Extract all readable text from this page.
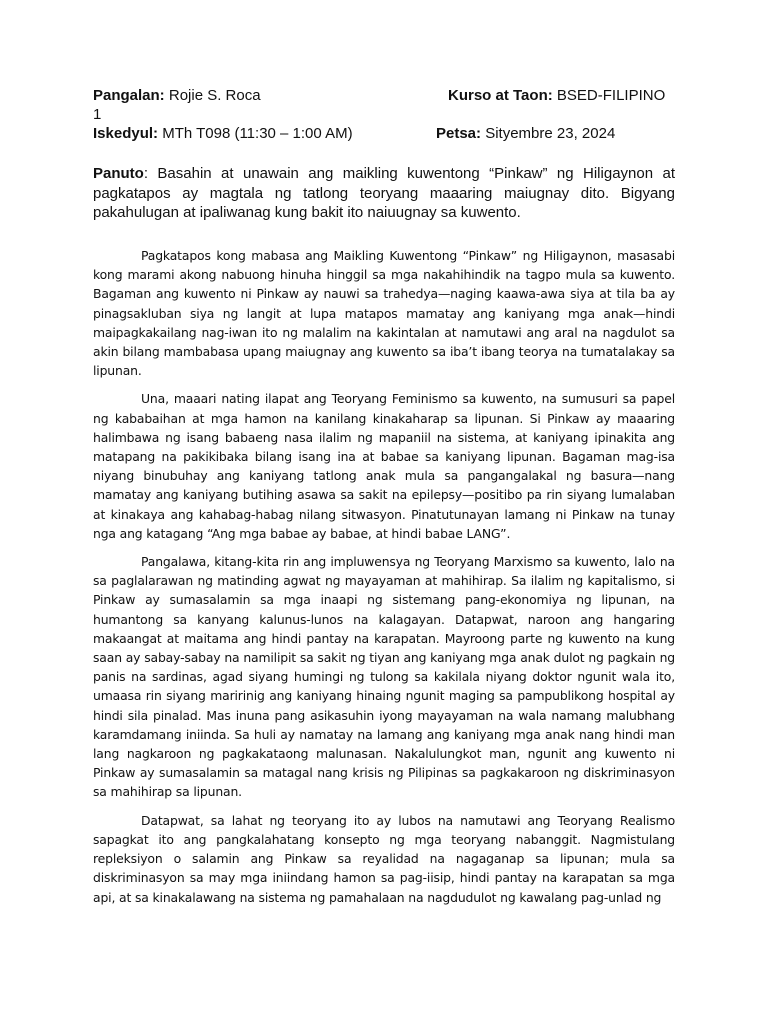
Pangalan: Rojie S. Roca	Kurso at Taon: BSED-FILIPINO
1
Iskedyul: MTh T098 (11:30 – 1:00 AM)	Petsa: Sityembre 23, 2024
Panuto: Basahin at unawain ang maikling kuwentong “Pinkaw” ng Hiligaynon at pagkatapos ay magtala ng tatlong teoryang maaaring maiugnay dito. Bigyang pakahulugan at ipaliwanag kung bakit ito naiuugnay sa kuwento.

Pagkatapos kong mabasa ang Maikling Kuwentong “Pinkaw” ng Hiligaynon, masasabi kong marami akong nabuong hinuha hinggil sa mga nakahihindik na tagpo mula sa kuwento. Bagaman ang kuwento ni Pinkaw ay nauwi sa trahedya—naging kaawa-awa siya at tila ba ay pinagsakluban siya ng langit at lupa matapos mamatay ang kaniyang mga anak—hindi maipagkakailang nag-iwan ito ng malalim na kakintalan at namutawi ang aral na nagdulot sa akin bilang mambabasa upang maiugnay ang kuwento sa iba’t ibang teorya na tumatalakay sa lipunan.

Una, maaari nating ilapat ang Teoryang Feminismo sa kuwento, na sumusuri sa papel ng kababaihan at mga hamon na kanilang kinakaharap sa lipunan. Si Pinkaw ay maaaring halimbawa ng isang babaeng nasa ilalim ng mapaniil na sistema, at kaniyang ipinakita ang matapang na pakikibaka bilang isang ina at babae sa kaniyang lipunan. Bagaman mag-isa niyang binubuhay ang kaniyang tatlong anak mula sa pangangalakal ng basura—nang mamatay ang kaniyang butihing asawa sa sakit na epilepsy—positibo pa rin siyang lumalaban at kinakaya ang kahabag-habag nilang sitwasyon. Pinatutunayan lamang ni Pinkaw na tunay nga ang katagang “Ang mga babae ay babae, at hindi babae LANG”.

Pangalawa, kitang-kita rin ang impluwensya ng Teoryang Marxismo sa kuwento, lalo na sa paglalarawan ng matinding agwat ng mayayaman at mahihirap. Sa ilalim ng kapitalismo, si Pinkaw ay sumasalamin sa mga inaapi ng sistemang pang-ekonomiya ng lipunan, na humantong sa kanyang kalunus-lunos na kalagayan. Datapwat, naroon ang hangaring makaangat at maitama ang hindi pantay na karapatan. Mayroong parte ng kuwento na kung saan ay sabay-sabay na namilipit sa sakit ng tiyan ang kaniyang mga anak dulot ng pagkain ng panis na sardinas, agad siyang humingi ng tulong sa kakilala niyang doktor ngunit wala ito, umaasa rin siyang maririnig ang kaniyang hinaing ngunit maging sa pampublikong hospital ay hindi sila pinalad. Mas inuna pang asikasuhin iyong mayayaman na wala namang malubhang karamdamang iniinda. Sa huli ay namatay na lamang ang kaniyang mga anak nang hindi man lang nagkaroon ng pagkakataong malunasan. Nakalulungkot man, ngunit ang kuwento ni Pinkaw ay sumasalamin sa matagal nang krisis ng Pilipinas sa pagkakaroon ng diskriminasyon sa mahihirap sa lipunan.

Datapwat, sa lahat ng teoryang ito ay lubos na namutawi ang Teoryang Realismo sapagkat ito ang pangkalahatang konsepto ng mga teoryang nabanggit. Nagmistulang repleksiyon o salamin ang Pinkaw sa reyalidad na nagaganap sa lipunan; mula sa diskriminasyon sa may mga iniindang hamon sa pag-iisip, hindi pantay na karapatan sa mga api, at sa kinakalawang na sistema ng pamahalaan na nagdudulot ng kawalang pag-unlad ng
